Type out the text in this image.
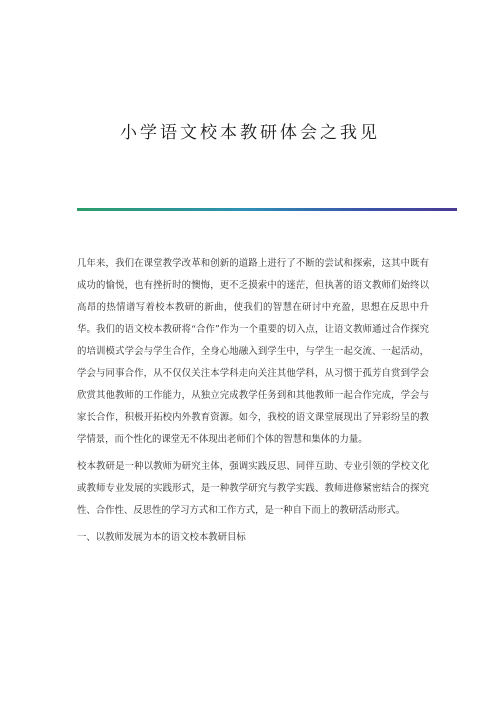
小学语文校本教研体会之我见

几年来，我们在课堂教学改革和创新的道路上进行了不断的尝试和探索，这其中既有成功的愉悦，也有挫折时的懊悔，更不乏摸索中的迷茫，但执著的语文教师们始终以高昂的热情谱写着校本教研的新曲，使我们的智慧在研讨中充盈，思想在反思中升华。我们的语文校本教研将“合作”作为一个重要的切入点，让语文教师通过合作探究的培训模式学会与学生合作，全身心地融入到学生中，与学生一起交流、一起活动，学会与同事合作，从不仅仅关注本学科走向关注其他学科，从习惯于孤芳自赏到学会欣赏其他教师的工作能力，从独立完成教学任务到和其他教师一起合作完成，学会与家长合作，积极开拓校内外教育资源。如今，我校的语文课堂展现出了异彩纷呈的教学情景，而个性化的课堂无不体现出老师们个体的智慧和集体的力量。

校本教研是一种以教师为研究主体，强调实践反思、同伴互助、专业引领的学校文化或教师专业发展的实践形式，是一种教学研究与教学实践、教师进修紧密结合的探究性、合作性、反思性的学习方式和工作方式，是一种自下而上的教研活动形式。

一、以教师发展为本的语文校本教研目标
